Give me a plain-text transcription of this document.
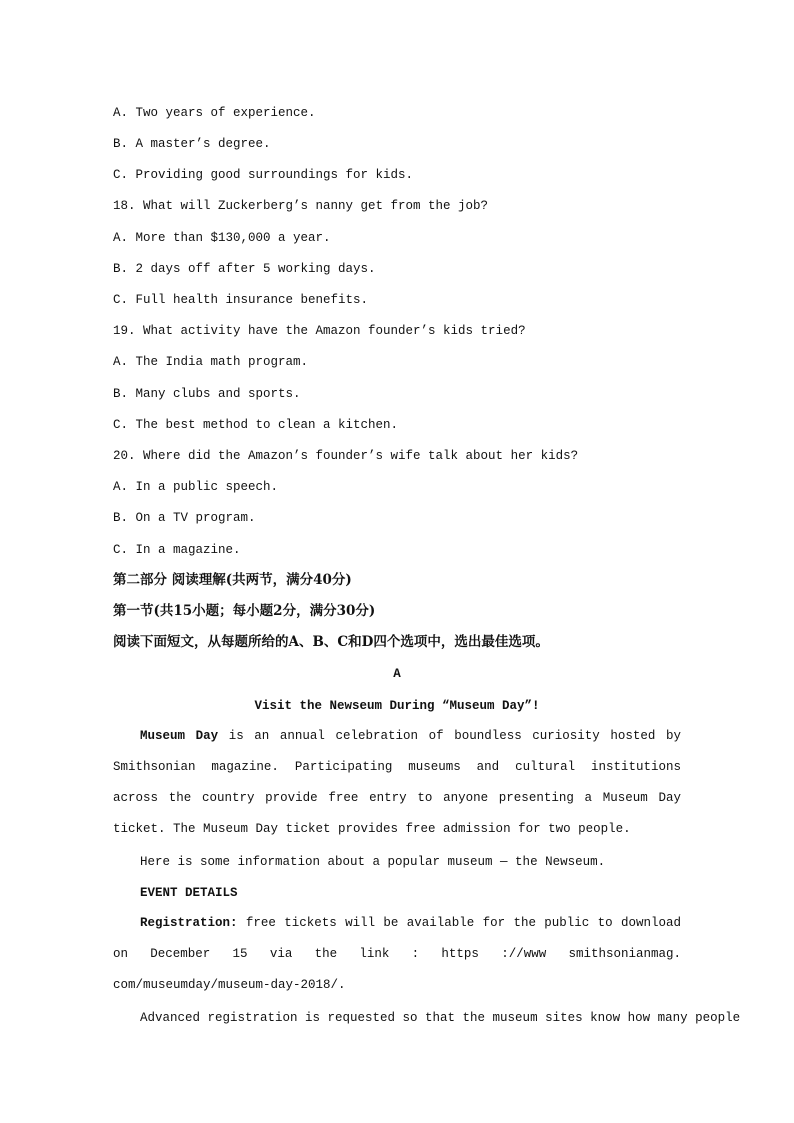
A. Two years of experience.
B. A master’s degree.
C. Providing good surroundings for kids.
18. What will Zuckerberg’s nanny get from the job?
A. More than $130,000 a year.
B. 2 days off after 5 working days.
C. Full health insurance benefits.
19. What activity have the Amazon founder’s kids tried?
A. The India math program.
B. Many clubs and sports.
C. The best method to clean a kitchen.
20. Where did the Amazon’s founder’s wife talk about her kids?
A. In a public speech.
B. On a TV program.
C. In a magazine.
第二部分 阅读理解(共两节，满分40分)
第一节(共15小题；每小题2分，满分30分)
阅读下面短文，从每题所给的A、B、C和D四个选项中，选出最佳选项。
A
Visit the Newseum During “Museum Day”!
Museum Day is an annual celebration of boundless curiosity hosted by Smithsonian magazine. Participating museums and cultural institutions across the country provide free entry to anyone presenting a Museum Day ticket. The Museum Day ticket provides free admission for two people.
Here is some information about a popular museum — the Newseum.
EVENT DETAILS
Registration: free tickets will be available for the public to download on December 15 via the link : https ://www smithsonianmag. com/museumday/museum-day-2018/.
Advanced registration is requested so that the museum sites know how many people
